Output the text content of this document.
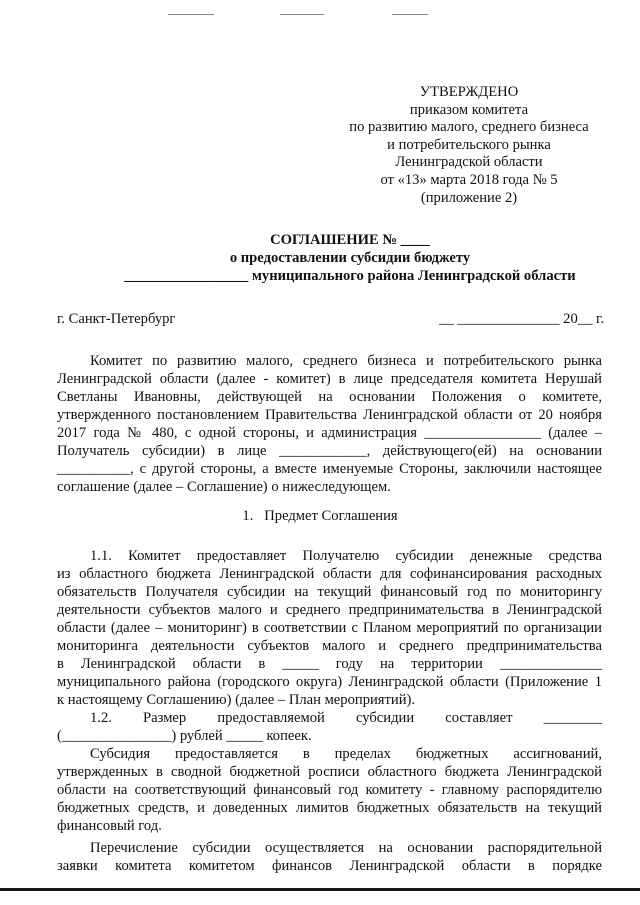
УТВЕРЖДЕНО
приказом комитета
по развитию малого, среднего бизнеса
и потребительского рынка
Ленинградской области
от «13» марта 2018 года № 5
(приложение 2)
СОГЛАШЕНИЕ № ____
о предоставлении субсидии бюджету
_________________ муниципального района Ленинградской области
г. Санкт-Петербург	__ ______________ 20__ г.
Комитет по развитию малого, среднего бизнеса и потребительского рынка
Ленинградской области (далее - комитет) в лице председателя комитета Нерушай
Светланы Ивановны, действующей на основании Положения о комитете,
утвержденного постановлением Правительства Ленинградской области от 20 ноября
2017 года № 480, с одной стороны, и администрация ________________ (далее –
Получатель субсидии) в лице ____________, действующего(ей) на основании
__________, с другой стороны, а вместе именуемые Стороны, заключили настоящее
соглашение (далее – Соглашение) о нижеследующем.
1. Предмет Соглашения
1.1. Комитет предоставляет Получателю субсидии денежные средства
из областного бюджета Ленинградской области для софинансирования расходных
обязательств Получателя субсидии на текущий финансовый год по мониторингу
деятельности субъектов малого и среднего предпринимательства в Ленинградской
области (далее – мониторинг) в соответствии с Планом мероприятий по организации
мониторинга деятельности субъектов малого и среднего предпринимательства
в Ленинградской области в _____ году на территории ______________
муниципального района (городского округа) Ленинградской области (Приложение 1
к настоящему Соглашению) (далее – План мероприятий).
1.2. Размер предоставляемой субсидии составляет ________
(_______________) рублей _____ копеек.
Субсидия предоставляется в пределах бюджетных ассигнований,
утвержденных в сводной бюджетной росписи областного бюджета Ленинградской
области на соответствующий финансовый год комитету - главному распорядителю
бюджетных средств, и доведенных лимитов бюджетных обязательств на текущий
финансовый год.
Перечисление субсидии осуществляется на основании распорядительной
заявки комитета комитетом финансов Ленинградской области в порядке
